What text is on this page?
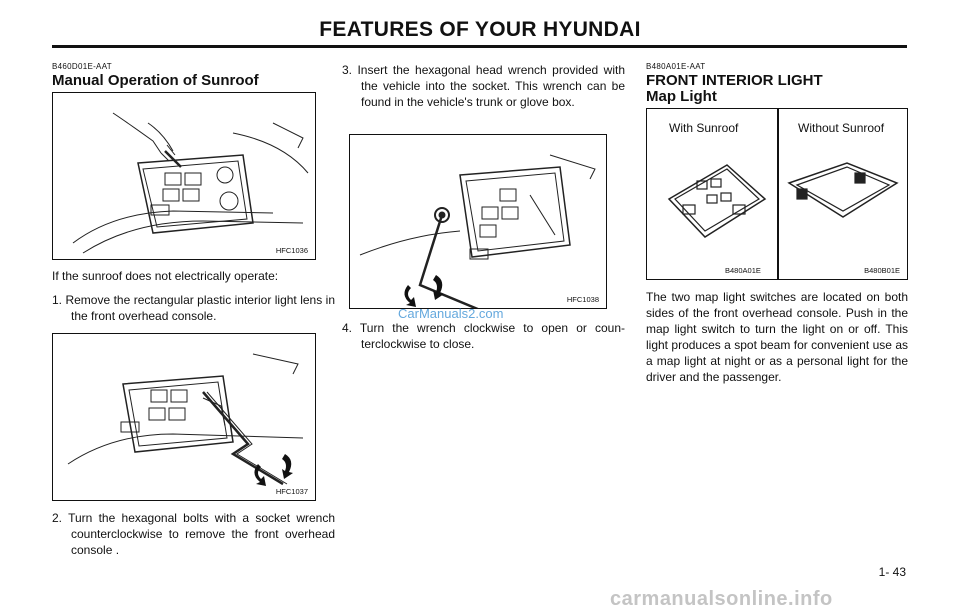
FEATURES OF YOUR HYUNDAI
B460D01E-AAT
Manual Operation of Sunroof
HFC1036
If the sunroof does not electrically operate:
1. Remove the rectangular plastic interior light lens in the front overhead console.
HFC1037
2. Turn the hexagonal bolts with a socket wrench counterclockwise to remove the front overhead console .
3. Insert the hexagonal head wrench provided with the vehicle into the socket. This wrench can be found in the vehicle's trunk or glove box.
HFC1038
4. Turn the wrench clockwise to open or coun- terclockwise to close.
CarManuals2.com
B480A01E-AAT
FRONT INTERIOR LIGHT
Map Light
With Sunroof	Without Sunroof
B480A01E	B480B01E
The two map light switches are located on both sides of the front overhead console. Push in the map light switch to turn the light on or off. This light produces a spot beam for convenient use as a map light at night or as a personal light for the driver and the passenger.
1- 43
carmanualsonline.info
